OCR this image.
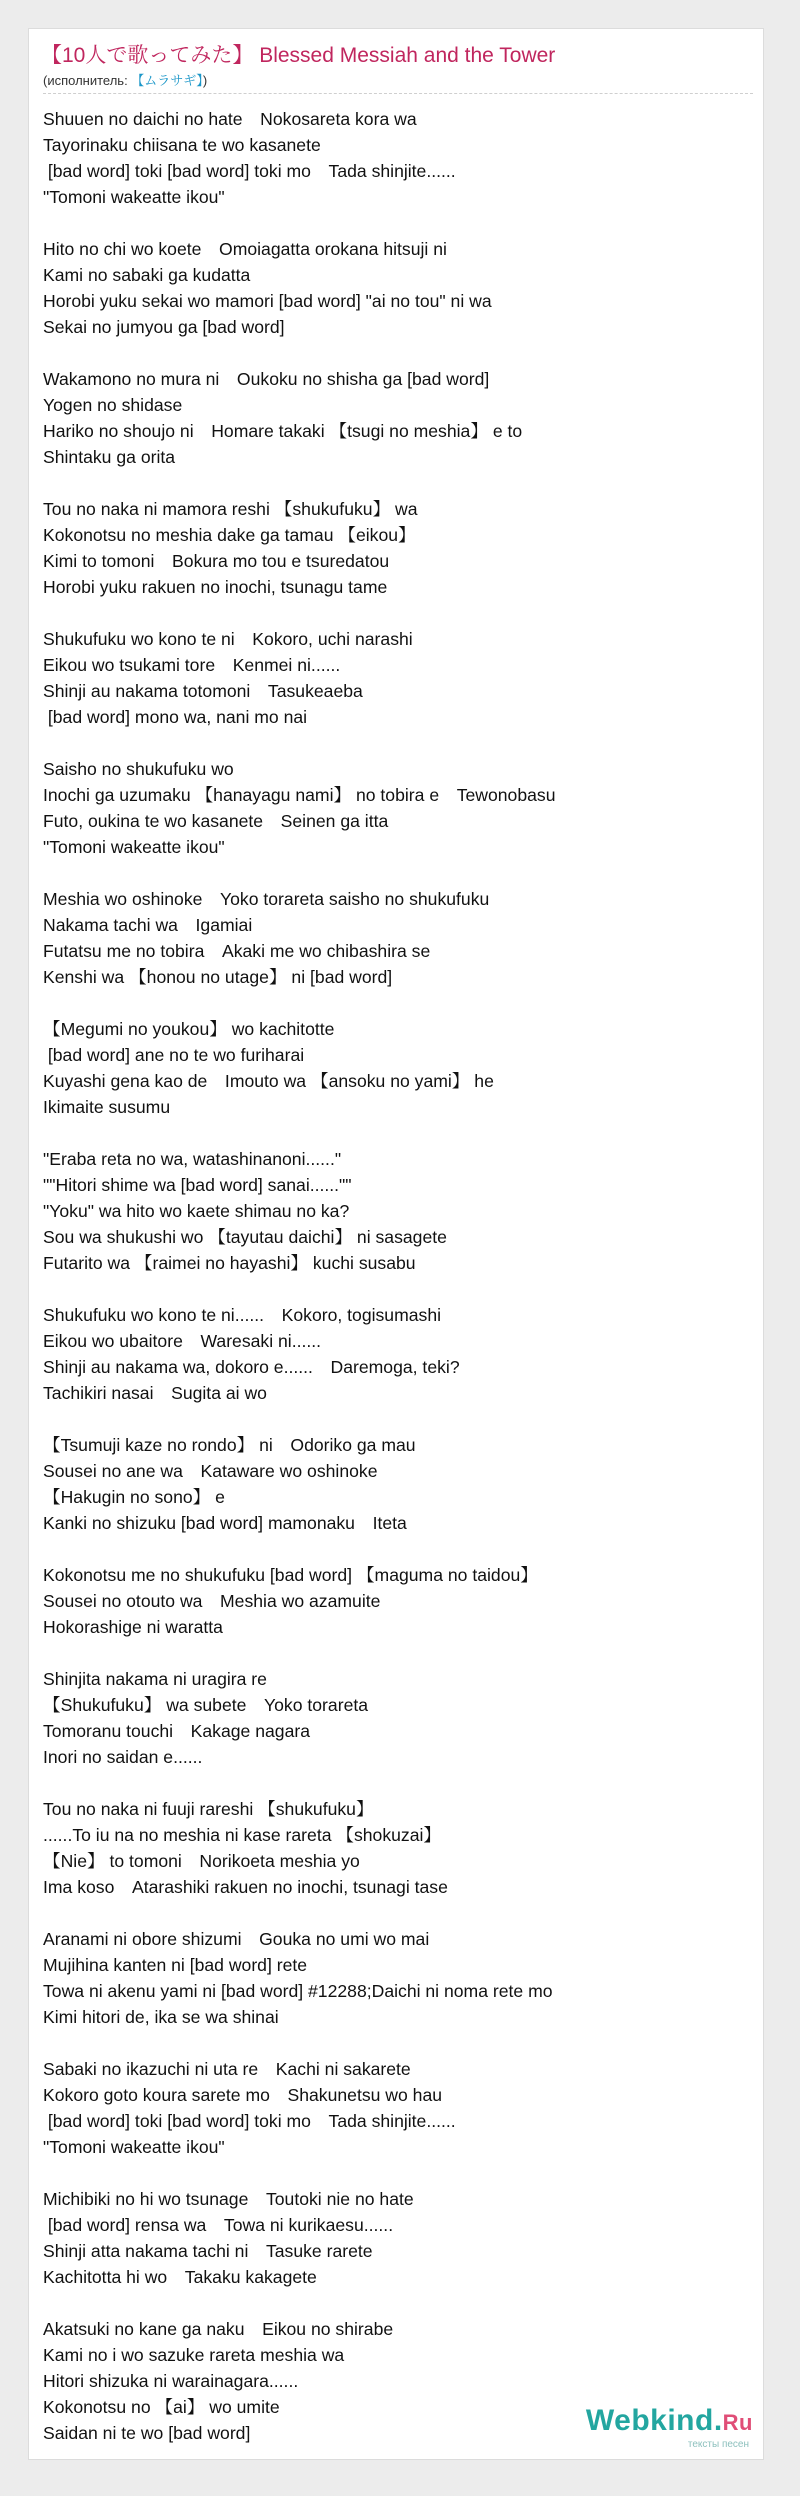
【10人で歌ってみた】 Blessed Messiah and the Tower
(исполнитель: 【ムラサギ】)
Shuuen no daichi no hate　Nokosareta kora wa
Tayorinaku chiisana te wo kasanete
[bad word] toki [bad word] toki mo　Tada shinjite......
"Tomoni wakeatte ikou"
Hito no chi wo koete　Omoiagatta orokana hitsuji ni
Kami no sabaki ga kudatta
Horobi yuku sekai wo mamori [bad word] "ai no tou" ni wa
Sekai no jumyou ga [bad word]
Wakamono no mura ni　Oukoku no shisha ga [bad word]
Yogen no shidase
Hariko no shoujo ni　Homare takaki 【tsugi no meshia】 e to
Shintaku ga orita
Tou no naka ni mamora reshi 【shukufuku】 wa
Kokonotsu no meshia dake ga tamau 【eikou】
Kimi to tomoni　Bokura mo tou e tsuredatou
Horobi yuku rakuen no inochi, tsunagu tame
Shukufuku wo kono te ni　Kokoro, uchi narashi
Eikou wo tsukami tore　Kenmei ni......
Shinji au nakama totomoni　Tasukeaeba
[bad word] mono wa, nani mo nai
Saisho no shukufuku wo
Inochi ga uzumaku 【hanayagu nami】 no tobira e　Tewonobasu
Futo, oukina te wo kasanete　Seinen ga itta
"Tomoni wakeatte ikou"
Meshia wo oshinoke　Yoko torareta saisho no shukufuku
Nakama tachi wa　Igamiai
Futatsu me no tobira　Akaki me wo chibashira se
Kenshi wa 【honou no utage】 ni [bad word]
【Megumi no youkou】 wo kachitotte
[bad word] ane no te wo furiharai
Kuyashi gena kao de　Imouto wa 【ansoku no yami】 he
Ikimaite susumu
"Eraba reta no wa, watashinanoni......"
""Hitori shime wa [bad word] sanai......""
"Yoku" wa hito wo kaete shimau no ka?
Sou wa shukushi wo 【tayutau daichi】 ni sasagete
Futarito wa 【raimei no hayashi】 kuchi susabu
Shukufuku wo kono te ni......　Kokoro, togisumashi
Eikou wo ubaitore　Waresaki ni......
Shinji au nakama wa, dokoro e......　Daremoga, teki?
Tachikiri nasai　Sugita ai wo
【Tsumuji kaze no rondo】 ni　Odoriko ga mau
Sousei no ane wa　Kataware wo oshinoke
【Hakugin no sono】 e
Kanki no shizuku [bad word] mamonaku　Iteta
Kokonotsu me no shukufuku [bad word] 【maguma no taidou】
Sousei no otouto wa　Meshia wo azamuite
Hokorashige ni waratta
Shinjita nakama ni uragira re
【Shukufuku】 wa subete　Yoko torareta
Tomoranu touchi　Kakage nagara
Inori no saidan e......
Tou no naka ni fuuji rareshi 【shukufuku】
......To iu na no meshia ni kase rareta 【shokuzai】
【Nie】 to tomoni　Norikoeta meshia yo
Ima koso　Atarashiki rakuen no inochi, tsunagi tase
Aranami ni obore shizumi　Gouka no umi wo mai
Mujihina kanten ni [bad word] rete
Towa ni akenu yami ni [bad word] #12288;Daichi ni noma rete mo
Kimi hitori de, ika se wa shinai
Sabaki no ikazuchi ni uta re　Kachi ni sakarete
Kokoro goto koura sarete mo　Shakunetsu wo hau
[bad word] toki [bad word] toki mo　Tada shinjite......
"Tomoni wakeatte ikou"
Michibiki no hi wo tsunage　Toutoki nie no hate
[bad word] rensa wa　Towa ni kurikaesu......
Shinji atta nakama tachi ni　Tasuke rarete
Kachitotta hi wo　Takaku kakagete
Akatsuki no kane ga naku　Eikou no shirabe
Kami no i wo sazuke rareta meshia wa
Hitori shizuka ni warainagara......
Kokonotsu no 【ai】 wo umite
Saidan ni te wo [bad word]	Webkind.Ru
тексты песен
